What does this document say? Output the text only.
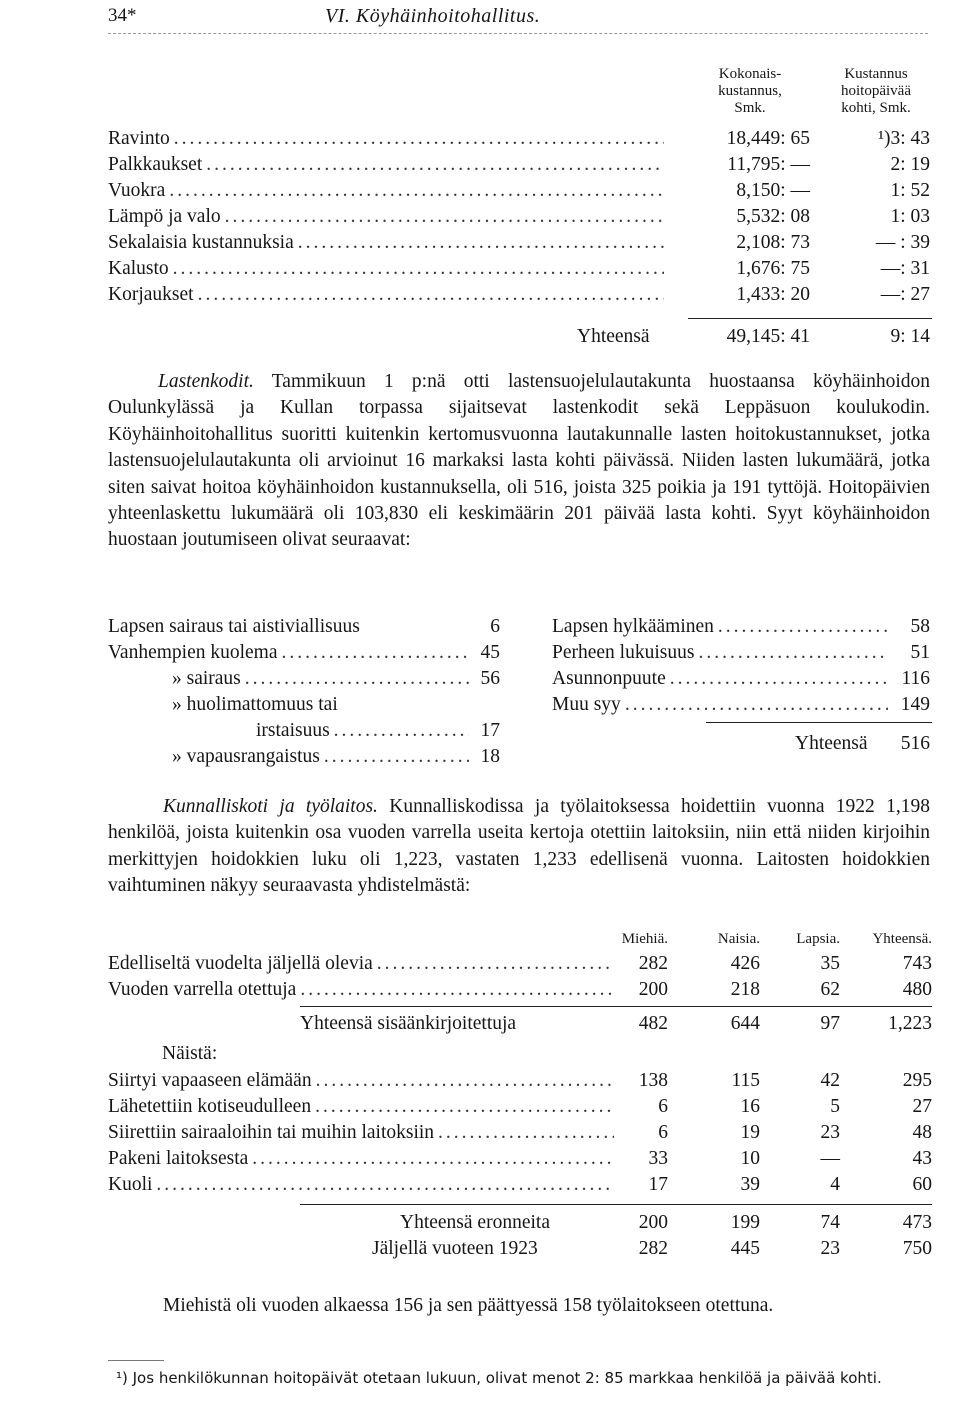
34*	VI. Köyhäinhoitohallitus.
Kokonais-
kustannus,
Smk.
Kustannus
hoitopäivää
kohti, Smk.
Ravinto .....	18,449: 65	¹)3: 43
Palkkaukset .....	11,795: —	2: 19
Vuokra .....	8,150: —	1: 52
Lämpö ja valo .....	5,532: 08	1: 03
Sekalaisia kustannuksia .....	2,108: 73	— : 39
Kalusto .....	1,676: 75	—: 31
Korjaukset .....	1,433: 20	—: 27
Yhteensä	49,145: 41	9: 14
Lastenkodit. Tammikuun 1 p:nä otti lastensuojelulautakunta huostaansa köyhäinhoidon Oulunkylässä ja Kullan torpassa sijaitsevat lastenkodit sekä Leppäsuon koulukodin. Köyhäinhoitohallitus suoritti kuitenkin kertomusvuonna lautakunnalle lasten hoitokustannukset, jotka lastensuojelulautakunta oli arvioinut 16 markaksi lasta kohti päivässä. Niiden lasten lukumäärä, jotka siten saivat hoitoa köyhäinhoidon kustannuksella, oli 516, joista 325 poikia ja 191 tyttöjä. Hoitopäivien yhteenlaskettu lukumäärä oli 103,830 eli keskimäärin 201 päivää lasta kohti. Syyt köyhäinhoidon huostaan joutumiseen olivat seuraavat:
Lapsen sairaus tai aistiviallisuus	6
Vanhempien kuolema .....	45
» sairaus .....	56
» huolimattomuus tai
irstaisuus .....	17
» vapausrangaistus .....	18
Lapsen hylkääminen .....	58
Perheen lukuisuus .....	51
Asunnonpuute .....	116
Muu syy .....	149
Yhteensä	516
Kunnalliskoti ja työlaitos. Kunnalliskodissa ja työlaitoksessa hoidettiin vuonna 1922 1,198 henkilöä, joista kuitenkin osa vuoden varrella useita kertoja otettiin laitoksiin, niin että niiden kirjoihin merkittyjen hoidokkien luku oli 1,223, vastaten 1,233 edellisenä vuonna. Laitosten hoidokkien vaihtuminen näkyy seuraavasta yhdistelmästä:
Miehiä.	Naisia.	Lapsia.	Yhteensä.
Edelliseltä vuodelta jäljellä olevia .....	282	426	35	743
Vuoden varrella otettuja .....	200	218	62	480
Yhteensä sisäänkirjoitettuja	482	644	97	1,223
Näistä:
Siirtyi vapaaseen elämään .....	138	115	42	295
Lähetettiin kotiseudulleen .....	6	16	5	27
Siirettiin sairaaloihin tai muihin laitoksiin .....	6	19	23	48
Pakeni laitoksesta .....	33	10	—	43
Kuoli .....	17	39	4	60
Yhteensä eronneita	200	199	74	473
Jäljellä vuoteen 1923	282	445	23	750
Miehistä oli vuoden alkaessa 156 ja sen päättyessä 158 työlaitokseen otettuna.
¹) Jos henkilökunnan hoitopäivät otetaan lukuun, olivat menot 2: 85 markkaa henkilöä ja päivää kohti.
